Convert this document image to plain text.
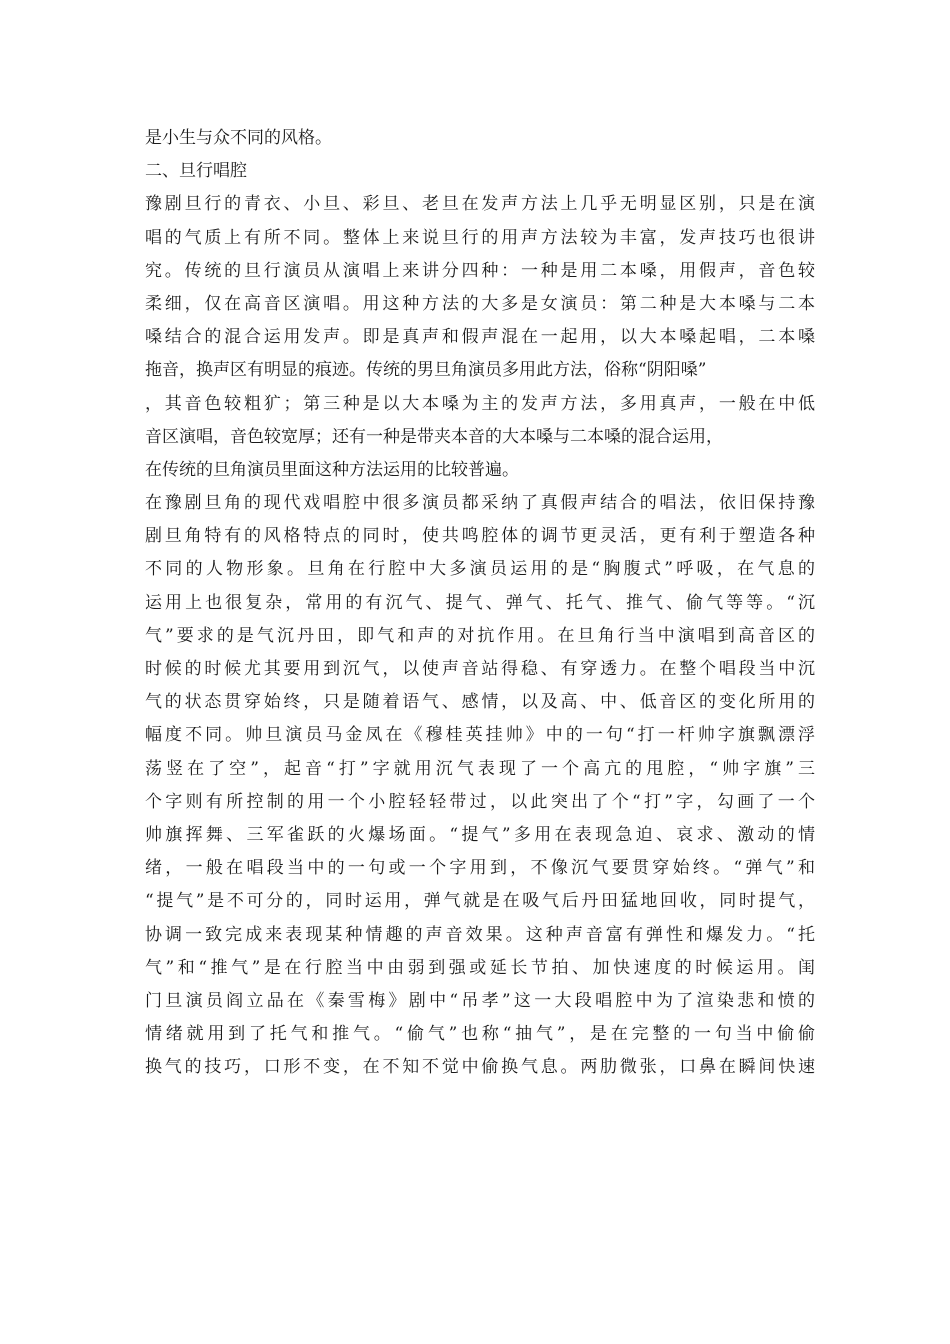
是小生与众不同的风格。
二、旦行唱腔
豫剧旦行的青衣、小旦、彩旦、老旦在发声方法上几乎无明显区别，只是在演
唱的气质上有所不同。整体上来说旦行的用声方法较为丰富，发声技巧也很讲
究。传统的旦行演员从演唱上来讲分四种：一种是用二本嗓，用假声，音色较
柔细，仅在高音区演唱。用这种方法的大多是女演员：第二种是大本嗓与二本
嗓结合的混合运用发声。即是真声和假声混在一起用，以大本嗓起唱，二本嗓
拖音，换声区有明显的痕迹。传统的男旦角演员多用此方法，俗称“阴阳嗓”
，其音色较粗犷；第三种是以大本嗓为主的发声方法，多用真声，一般在中低
音区演唱，音色较宽厚；还有一种是带夹本音的大本嗓与二本嗓的混合运用，
在传统的旦角演员里面这种方法运用的比较普遍。
在豫剧旦角的现代戏唱腔中很多演员都采纳了真假声结合的唱法，依旧保持豫
剧旦角特有的风格特点的同时，使共鸣腔体的调节更灵活，更有利于塑造各种
不同的人物形象。旦角在行腔中大多演员运用的是“胸腹式”呼吸，在气息的
运用上也很复杂，常用的有沉气、提气、弹气、托气、推气、偷气等等。“沉
气”要求的是气沉丹田，即气和声的对抗作用。在旦角行当中演唱到高音区的
时候的时候尤其要用到沉气，以使声音站得稳、有穿透力。在整个唱段当中沉
气的状态贯穿始终，只是随着语气、感情，以及高、中、低音区的变化所用的
幅度不同。帅旦演员马金凤在《穆桂英挂帅》中的一句“打一杆帅字旗飘漂浮
荡竖在了空”，起音“打”字就用沉气表现了一个高亢的甩腔，“帅字旗”三
个字则有所控制的用一个小腔轻轻带过，以此突出了个“打”字，勾画了一个
帅旗挥舞、三军雀跃的火爆场面。“提气”多用在表现急迫、哀求、激动的情
绪，一般在唱段当中的一句或一个字用到，不像沉气要贯穿始终。“弹气”和
“提气”是不可分的，同时运用，弹气就是在吸气后丹田猛地回收，同时提气，
协调一致完成来表现某种情趣的声音效果。这种声音富有弹性和爆发力。“托
气”和“推气”是在行腔当中由弱到强或延长节拍、加快速度的时候运用。闺
门旦演员阎立品在《秦雪梅》剧中“吊孝”这一大段唱腔中为了渲染悲和愤的
情绪就用到了托气和推气。“偷气”也称“抽气”，是在完整的一句当中偷偷
换气的技巧，口形不变，在不知不觉中偷换气息。两肋微张，口鼻在瞬间快速
